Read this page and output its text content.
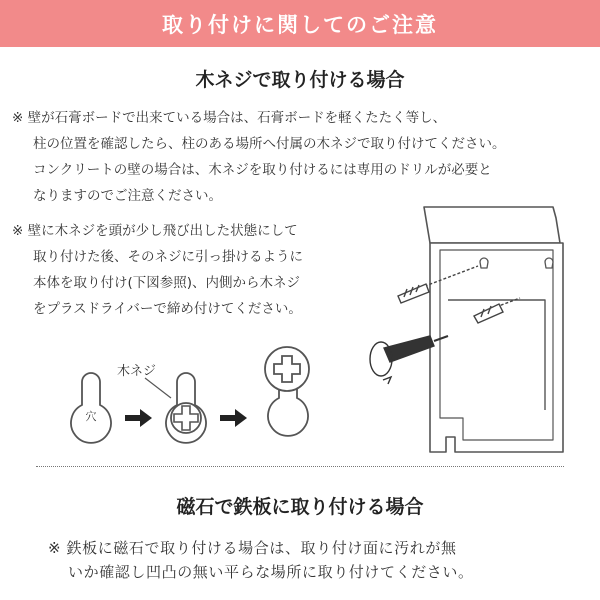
取り付けに関してのご注意
木ネジで取り付ける場合
※ 壁が石膏ボードで出来ている場合は、石膏ボードを軽くたたく等し、
柱の位置を確認したら、柱のある場所へ付属の木ネジで取り付けてください。
コンクリートの壁の場合は、木ネジを取り付けるには専用のドリルが必要と
なりますのでご注意ください。
※ 壁に木ネジを頭が少し飛び出した状態にして
取り付けた後、そのネジに引っ掛けるように
本体を取り付け(下図参照)、内側から木ネジ
をプラスドライバーで締め付けてください。
穴
木ネジ
磁石で鉄板に取り付ける場合
※ 鉄板に磁石で取り付ける場合は、取り付け面に汚れが無
いか確認し凹凸の無い平らな場所に取り付けてください。
